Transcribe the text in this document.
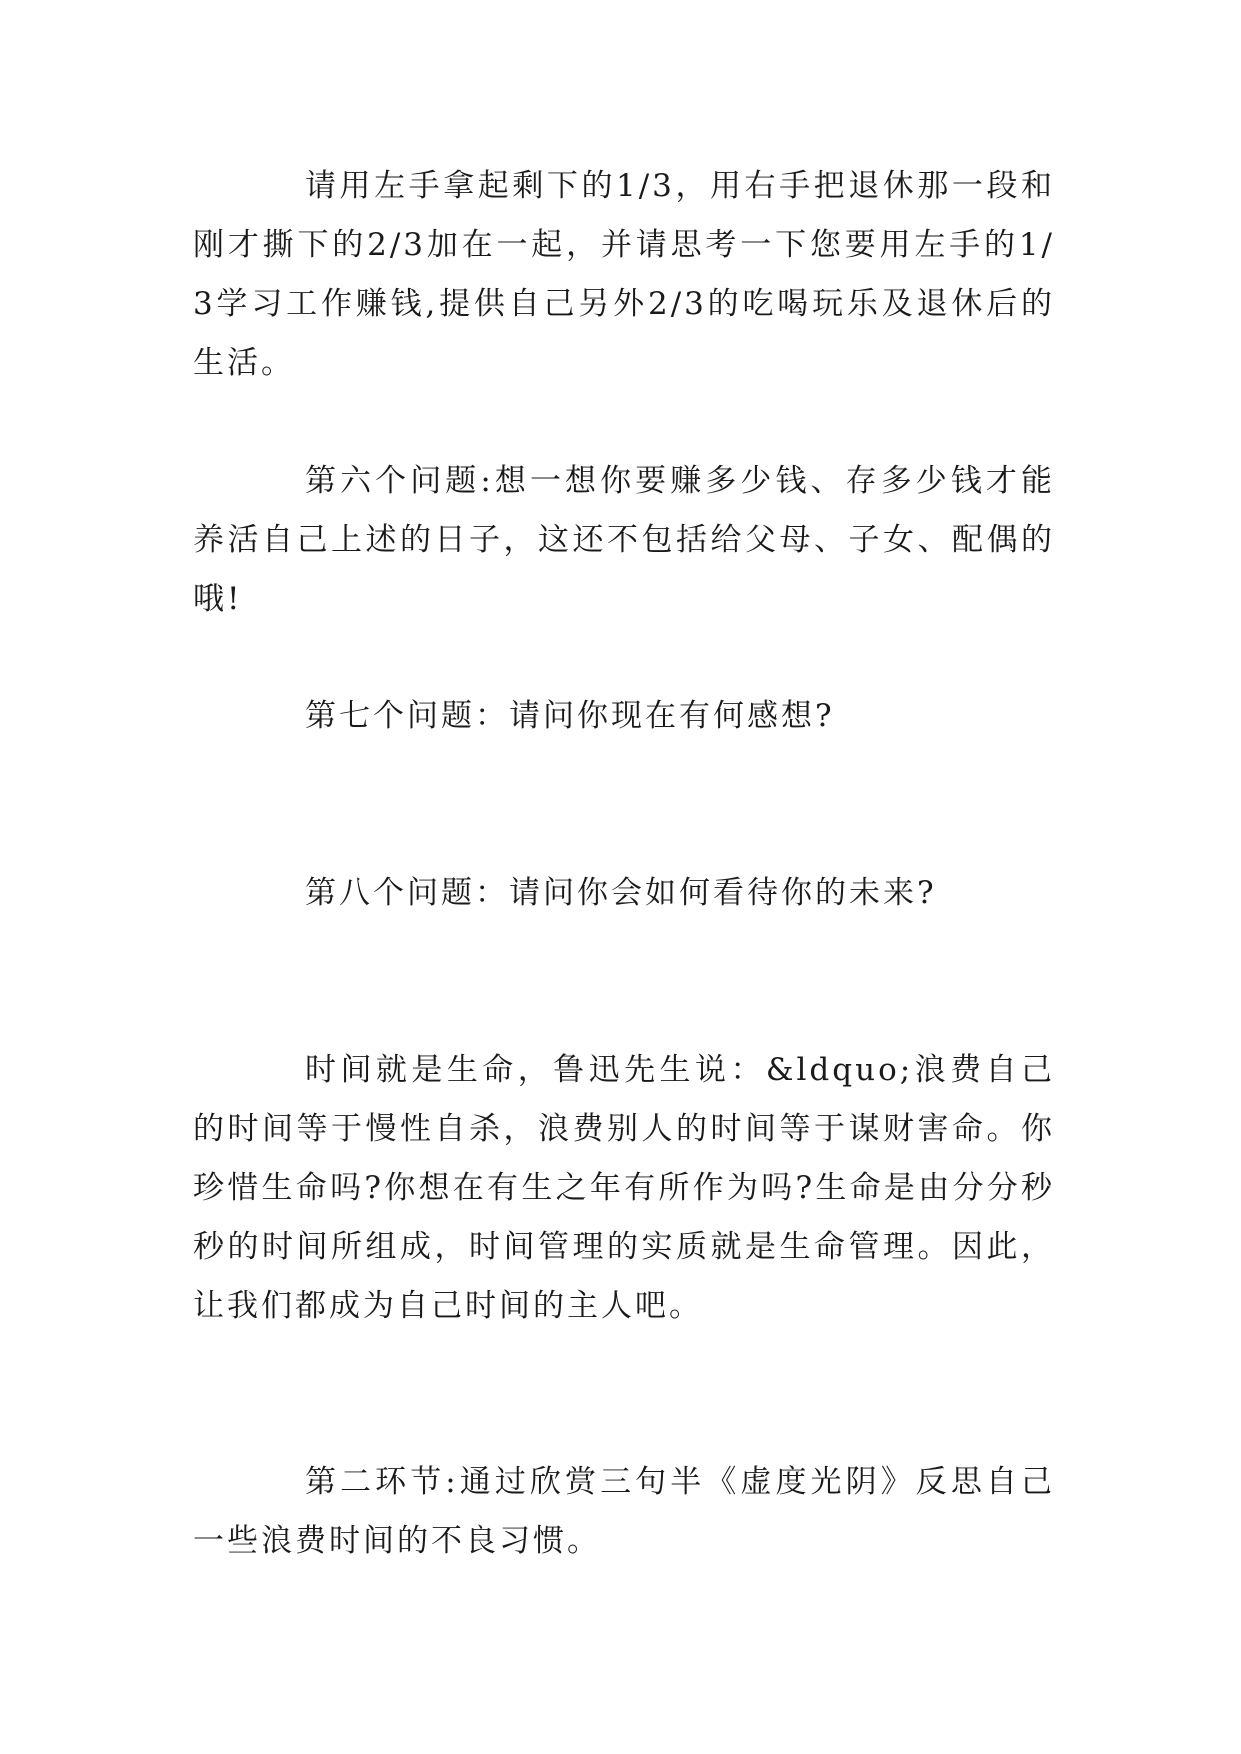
请用左手拿起剩下的1/3，用右手把退休那一段和刚才撕下的2/3加在一起，并请思考一下您要用左手的1/3学习工作赚钱,提供自己另外2/3的吃喝玩乐及退休后的生活。

第六个问题:想一想你要赚多少钱、存多少钱才能养活自己上述的日子，这还不包括给父母、子女、配偶的哦!

第七个问题：请问你现在有何感想?

第八个问题：请问你会如何看待你的未来?

时间就是生命，鲁迅先生说：&ldquo;浪费自己的时间等于慢性自杀，浪费别人的时间等于谋财害命。你珍惜生命吗?你想在有生之年有所作为吗?生命是由分分秒秒的时间所组成，时间管理的实质就是生命管理。因此，让我们都成为自己时间的主人吧。

第二环节:通过欣赏三句半《虚度光阴》反思自己一些浪费时间的不良习惯。
